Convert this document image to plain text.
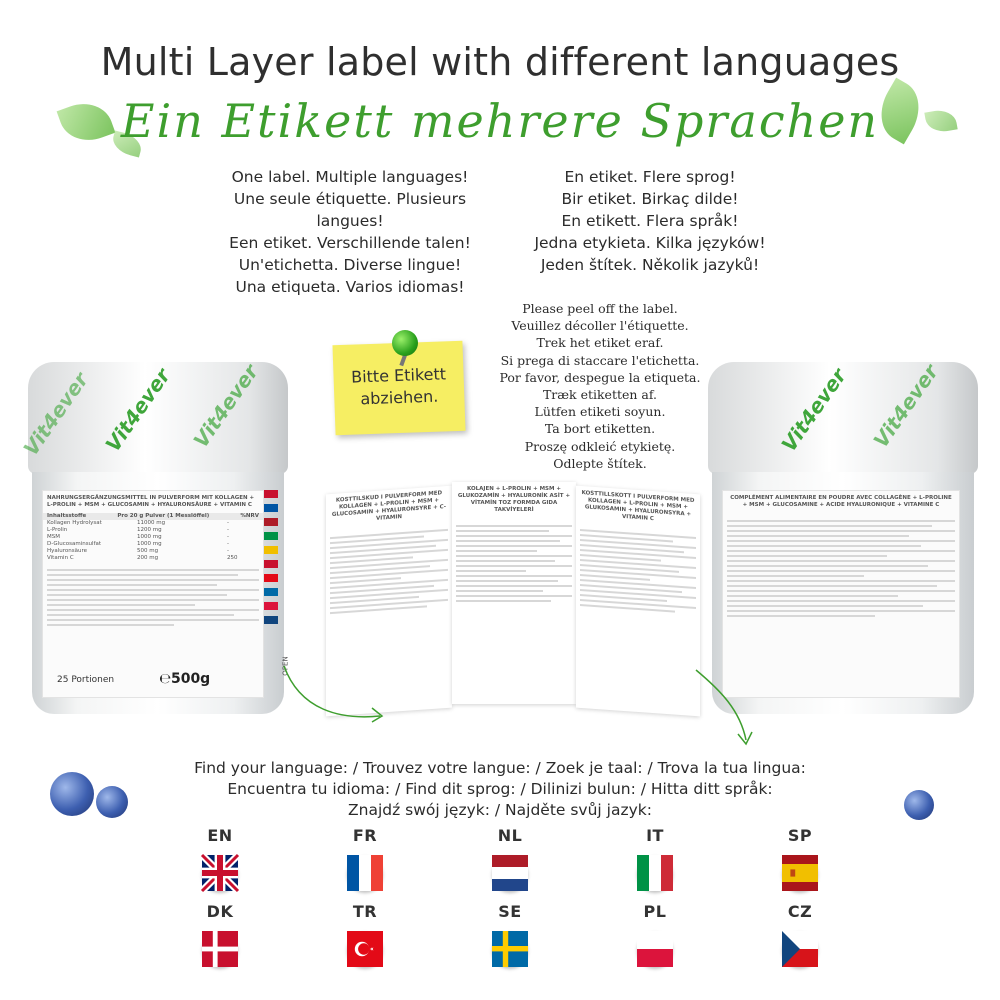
Multi Layer label with different languages
Ein Etikett mehrere Sprachen
One label. Multiple languages!
Une seule étiquette. Plusieurs langues!
Een etiket. Verschillende talen!
Un'etichetta. Diverse lingue!
Una etiqueta. Varios idiomas!
En etiket. Flere sprog!
Bir etiket. Birkaç dilde!
En etikett. Flera språk!
Jedna etykieta. Kilka języków!
Jeden štítek. Několik jazyků!
Vit4ever Vit4ever
Vit4ever
NAHRUNGSERGÄNZUNGSMITTEL IN PULVERFORM MIT KOLLAGEN + L-PROLIN + MSM + GLUCOSAMIN + HYALURONSÄURE + VITAMIN C
Inhaltsstoffe	Pro 20 g Pulver (1 Messlöffel)	%NRV
Kollagen Hydrolysat	11000 mg	-
L-Prolin	1200 mg	-
MSM	1000 mg	-
D-Glucosaminsulfat	1000 mg	-
Hyaluronsäure	500 mg	-
Vitamin C	200 mg	250
25 Portionen	℮500g
OPEN
Vit4ever Vit4ever
COMPLÉMENT ALIMENTAIRE EN POUDRE AVEC COLLAGÈNE + L-PROLINE + MSM + GLUCOSAMINE + ACIDE HYALURONIQUE + VITAMINE C
KOSTTILSKUD I PULVERFORM MED KOLLAGEN + L-PROLIN + MSM + GLUCOSAMIN + HYALURONSYRE + C-VITAMIN
KOLAJEN + L-PROLIN + MSM + GLUKOZAMİN + HYALURONİK ASİT + VİTAMİN TOZ FORMDA GIDA TAKVİYELERİ
KOSTTILLSKOTT I PULVERFORM MED KOLLAGEN + L-PROLIN + MSM + GLUKOSAMIN + HYALURONSYRA + VITAMIN C
Bitte Etikett abziehen.
Please peel off the label.
Veuillez décoller l'étiquette.
Trek het etiket eraf.
Si prega di staccare l'etichetta.
Por favor, despegue la etiqueta.
Træk etiketten af.
Lütfen etiketi soyun.
Ta bort etiketten.
Proszę odkleić etykietę.
Odlepte štítek.
Find your language: / Trouvez votre langue: / Zoek je taal: / Trova la tua lingua:
Encuentra tu idioma: / Find dit sprog: / Dilinizi bulun: / Hitta ditt språk:
Znajdź swój język: / Najděte svůj jazyk:
EN	FR	NL	IT	SP
DK	TR	SE	PL	CZ
